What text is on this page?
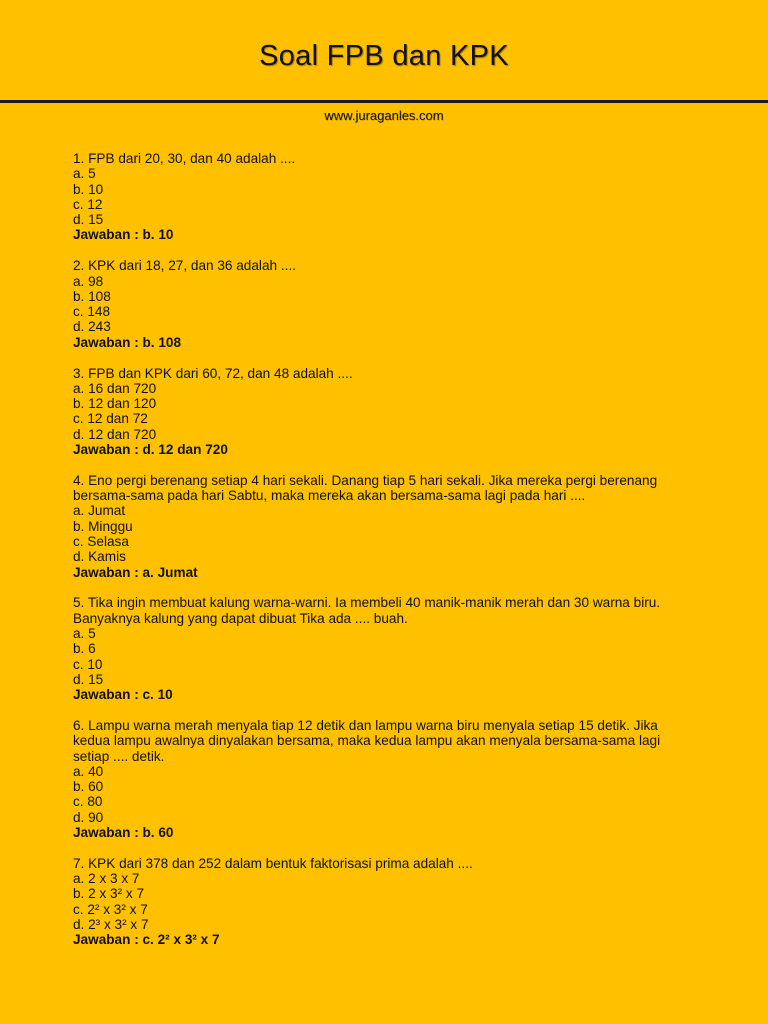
Soal FPB dan KPK
www.juraganles.com
1. FPB dari 20, 30, dan 40 adalah ....
a. 5
b. 10
c. 12
d. 15
Jawaban : b. 10
2. KPK dari 18, 27, dan 36 adalah ....
a. 98
b. 108
c. 148
d. 243
Jawaban : b. 108
3. FPB dan KPK dari 60, 72, dan 48 adalah ....
a. 16 dan 720
b. 12 dan 120
c. 12 dan 72
d. 12 dan 720
Jawaban : d. 12 dan 720
4. Eno pergi berenang setiap 4 hari sekali. Danang tiap 5 hari sekali. Jika mereka pergi berenang
bersama-sama pada hari Sabtu, maka mereka akan bersama-sama lagi pada hari ....
a. Jumat
b. Minggu
c. Selasa
d. Kamis
Jawaban : a. Jumat
5. Tika ingin membuat kalung warna-warni. Ia membeli 40 manik-manik merah dan 30 warna biru.
Banyaknya kalung yang dapat dibuat Tika ada .... buah.
a. 5
b. 6
c. 10
d. 15
Jawaban : c. 10
6. Lampu warna merah menyala tiap 12 detik dan lampu warna biru menyala setiap 15 detik. Jika
kedua lampu awalnya dinyalakan bersama, maka kedua lampu akan menyala bersama-sama lagi
setiap .... detik.
a. 40
b. 60
c. 80
d. 90
Jawaban : b. 60
7. KPK dari 378 dan 252 dalam bentuk faktorisasi prima adalah ....
a. 2 x 3 x 7
b. 2 x 3² x 7
c. 2² x 3² x 7
d. 2³ x 3² x 7
Jawaban : c. 2² x 3² x 7
